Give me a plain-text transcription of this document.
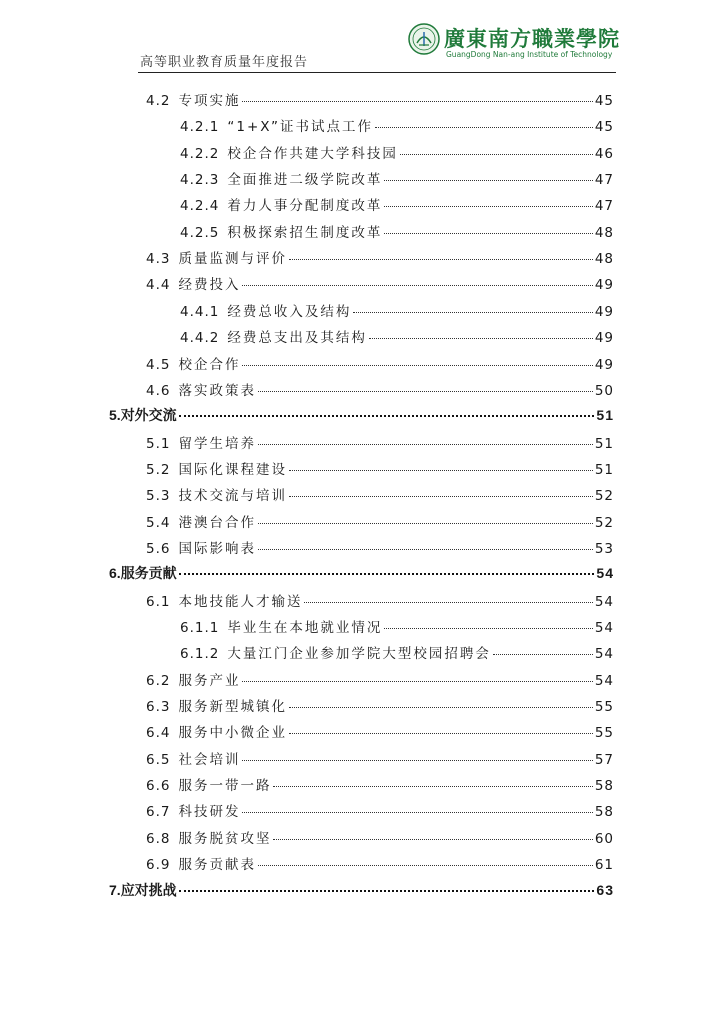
高等职业教育质量年度报告
廣東南方職業學院
GuangDong Nan-ang Institute of Technology
4.2 专项实施	45
4.2.1 “1+X”证书试点工作	45
4.2.2 校企合作共建大学科技园	46
4.2.3 全面推进二级学院改革	47
4.2.4 着力人事分配制度改革	47
4.2.5 积极探索招生制度改革	48
4.3 质量监测与评价	48
4.4 经费投入	49
4.4.1 经费总收入及结构	49
4.4.2 经费总支出及其结构	49
4.5 校企合作	49
4.6 落实政策表	50
5. 对外交流	51
5.1 留学生培养	51
5.2 国际化课程建设	51
5.3 技术交流与培训	52
5.4 港澳台合作	52
5.6 国际影响表	53
6. 服务贡献	54
6.1 本地技能人才输送	54
6.1.1 毕业生在本地就业情况	54
6.1.2 大量江门企业参加学院大型校园招聘会	54
6.2 服务产业	54
6.3 服务新型城镇化	55
6.4 服务中小微企业	55
6.5 社会培训	57
6.6 服务一带一路	58
6.7 科技研发	58
6.8 服务脱贫攻坚	60
6.9 服务贡献表	61
7. 应对挑战	63
